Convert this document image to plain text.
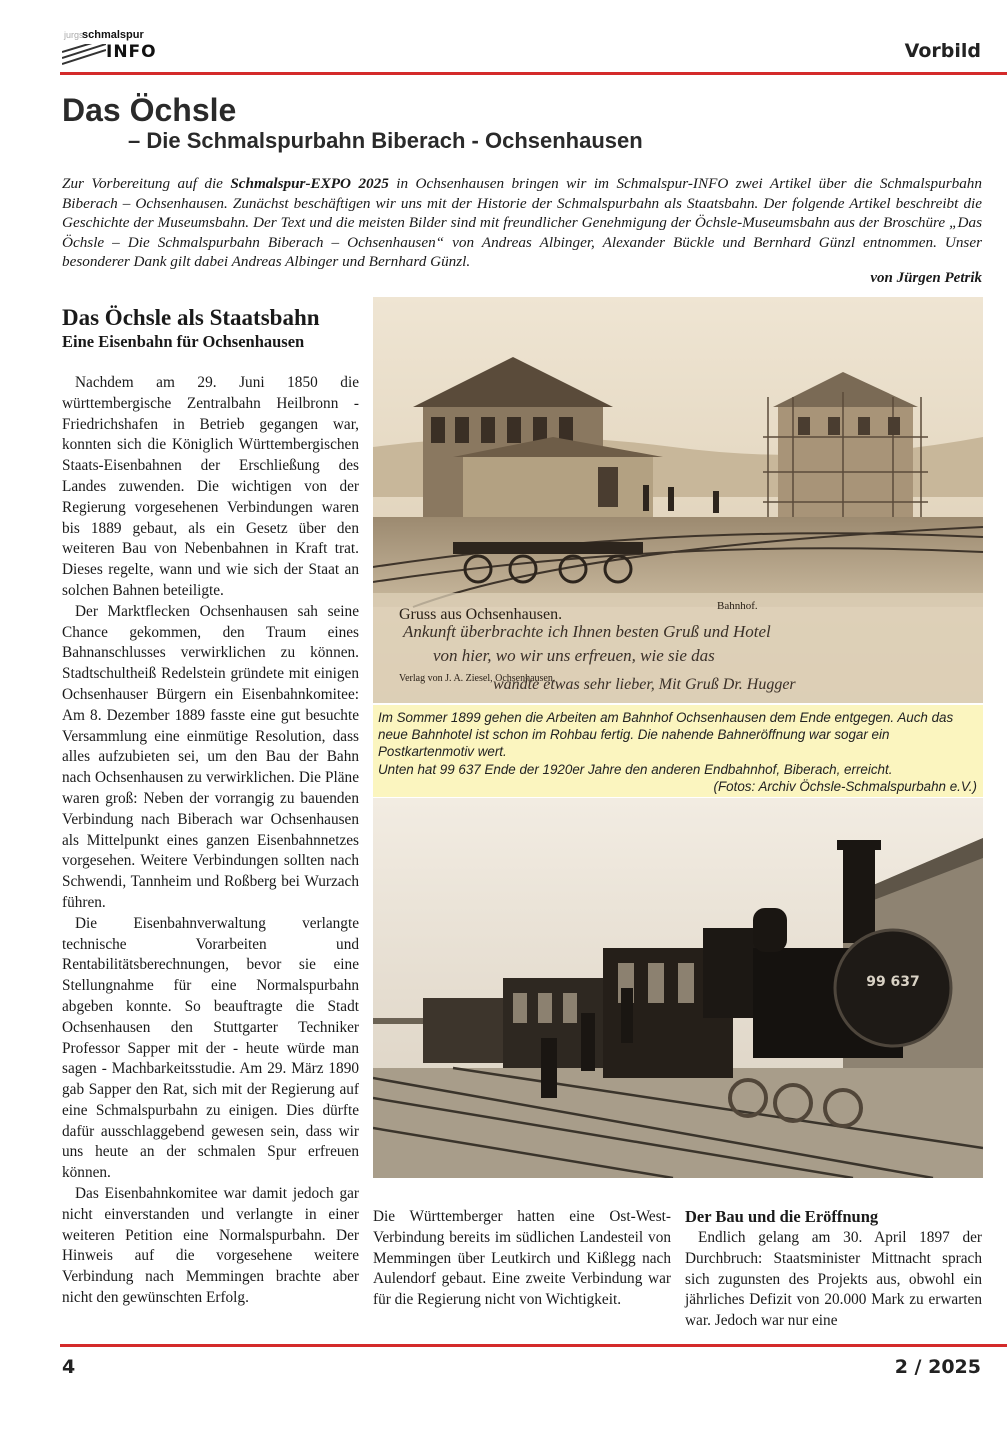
jurgs
schmalspur
INFO	Vorbild
Das Öchsle
– Die Schmalspurbahn Biberach - Ochsenhausen
Zur Vorbereitung auf die Schmalspur-EXPO 2025 in Ochsenhausen bringen wir im Schmalspur-INFO zwei Artikel über die Schmalspurbahn Biberach – Ochsenhausen. Zunächst beschäftigen wir uns mit der Historie der Schmalspurbahn als Staatsbahn. Der folgende Artikel beschreibt die Geschichte der Museumsbahn. Der Text und die meisten Bilder sind mit freundlicher Genehmigung der Öchsle-Museumsbahn aus der Broschüre „Das Öchsle – Die Schmalspurbahn Biberach – Ochsenhausen“ von Andreas Albinger, Alexander Bückle und Bernhard Günzl entnommen. Unser besonderer Dank gilt dabei Andreas Albinger und Bernhard Günzl.
von Jürgen Petrik
Das Öchsle als Staatsbahn
Eine Eisenbahn für Ochsenhausen

Nachdem am 29. Juni 1850 die württembergische Zentralbahn Heilbronn - Friedrichshafen in Betrieb gegangen war, konnten sich die Königlich Württembergischen Staats-Eisenbahnen der Erschließung des Landes zuwenden. Die wichtigen von der Regierung vorgesehenen Verbindungen waren bis 1889 gebaut, als ein Gesetz über den weiteren Bau von Nebenbahnen in Kraft trat. Dieses regelte, wann und wie sich der Staat an solchen Bahnen beteiligte.

Der Marktflecken Ochsenhausen sah seine Chance gekommen, den Traum eines Bahnanschlusses verwirklichen zu können. Stadtschultheiß Redelstein gründete mit einigen Ochsenhauser Bürgern ein Eisenbahnkomitee: Am 8. Dezember 1889 fasste eine gut besuchte Versammlung eine einmütige Resolution, dass alles aufzubieten sei, um den Bau der Bahn nach Ochsenhausen zu verwirklichen. Die Pläne waren groß: Neben der vorrangig zu bauenden Verbindung nach Biberach war Ochsenhausen als Mittelpunkt eines ganzen Eisenbahnnetzes vorgesehen. Weitere Verbindungen sollten nach Schwendi, Tannheim und Roßberg bei Wurzach führen.

Die Eisenbahnverwaltung verlangte technische Vorarbeiten und Rentabilitätsberechnungen, bevor sie eine Stellungnahme für eine Normalspurbahn abgeben konnte. So beauftragte die Stadt Ochsenhausen den Stuttgarter Techniker Professor Sapper mit der - heute würde man sagen - Machbarkeitsstudie. Am 29. März 1890 gab Sapper den Rat, sich mit der Regierung auf eine Schmalspurbahn zu einigen. Dies dürfte dafür ausschlaggebend gewesen sein, dass wir uns heute an der schmalen Spur erfreuen können.

Das Eisenbahnkomitee war damit jedoch gar nicht einverstanden und verlangte in einer weiteren Petition eine Normalspurbahn. Der Hinweis auf die vorgesehene weitere Verbindung nach Memmingen brachte aber nicht den gewünschten Erfolg.

Gruss aus Ochsenhausen.	Bahnhof.
Verlag von J. A. Ziesel, Ochsenhausen.
Ankunft überbrachte ich Ihnen besten Gruß und Hotel
von hier, wo wir uns erfreuen, wie sie das
wandte etwas sehr lieber, Mit Gruß Dr. Hugger
Im Sommer 1899 gehen die Arbeiten am Bahnhof Ochsenhausen dem Ende entgegen. Auch das neue Bahnhotel ist schon im Rohbau fertig. Die nahende Bahneröffnung war sogar ein Postkartenmotiv wert.
Unten hat 99 637 Ende der 1920er Jahre den anderen Endbahnhof, Biberach, erreicht.
(Fotos: Archiv Öchsle-Schmalspurbahn e.V.)
99 637
Die Württemberger hatten eine Ost-West-Verbindung bereits im südlichen Landesteil von Memmingen über Leutkirch und Kißlegg nach Aulendorf gebaut. Eine zweite Verbindung war für die Regierung nicht von Wichtigkeit.
Der Bau und die Eröffnung

Endlich gelang am 30. April 1897 der Durchbruch: Staatsminister Mittnacht sprach sich zugunsten des Projekts aus, obwohl ein jährliches Defizit von 20.000 Mark zu erwarten war. Jedoch war nur eine

4	2 / 2025
